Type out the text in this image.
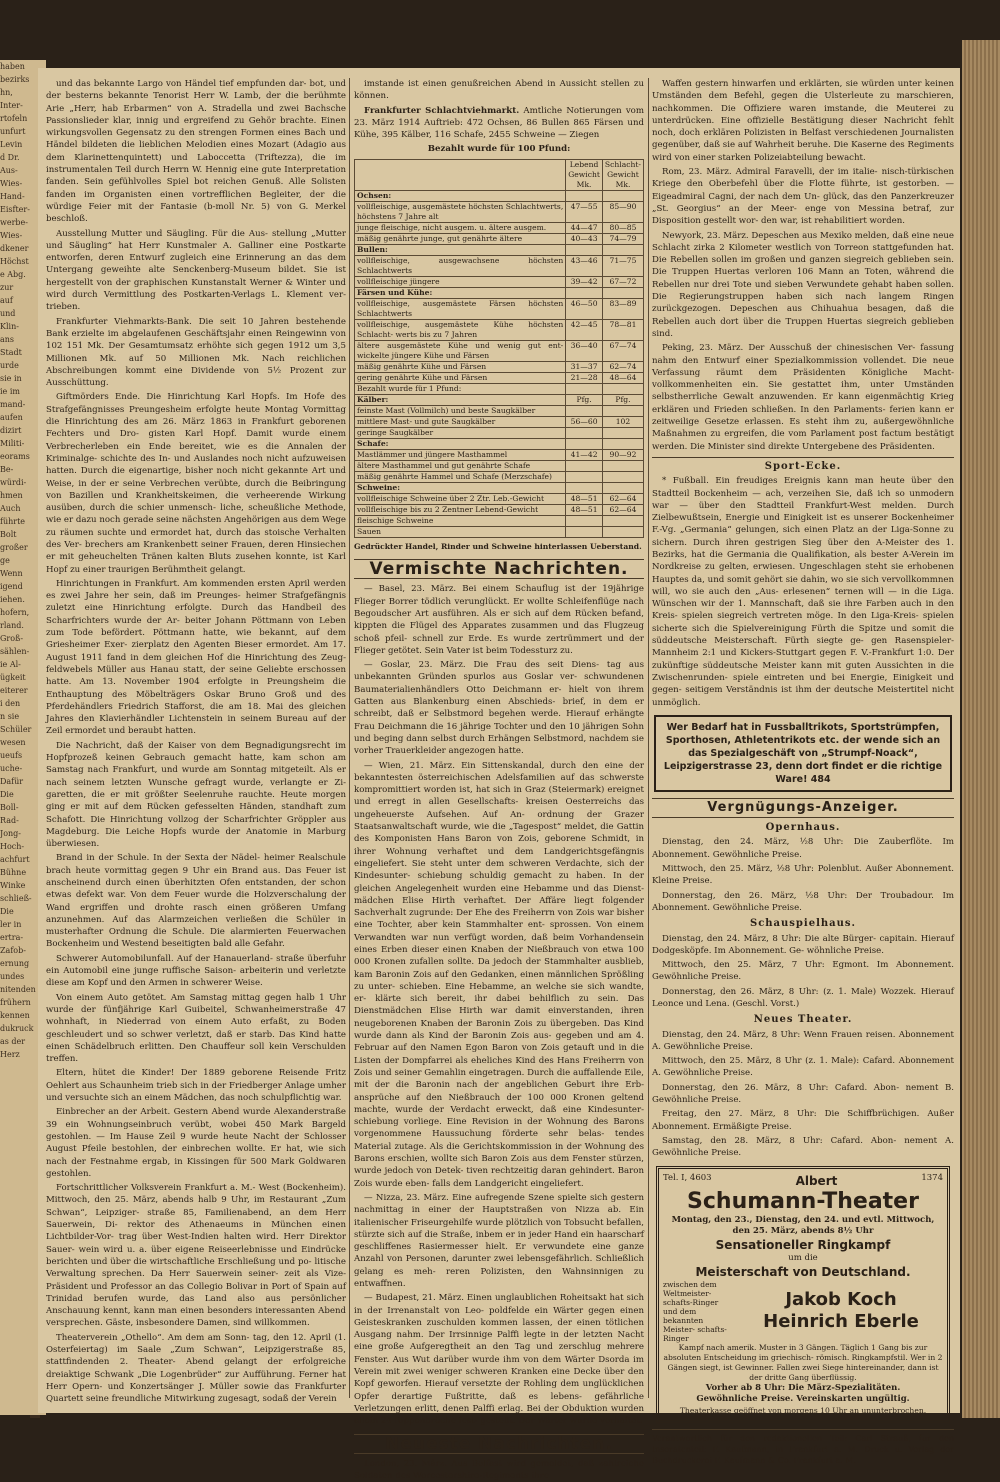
haben
bezirks
hn,
Inter-
rtofeln
unfurt
Levin
d Dr.
Aus-
Wies-
Hand-
Eisfter-
werbe-
Wies-
dkener
Höchst
e Abg.
zur
auf
und
Klin-
ans
Stadt
urde
sie in
ie im
mand-
aufen
dizirt
Militi-
eorams
Be-
würdi-
hmen
Auch
führte
Bolt
großer
ge
Wenn
igend
iehen.
hofern,
rland.
Groß-
sählen-
ie Al-
ügkeit
eiterer
i den
n sie
Schüler
wesen
ueufs
uche-
Dafür
Die
Boll-
Rad-
Jong-
Hoch-
achfurt
Bühne
Winke
schließ-
Die
ler in
ertra-
Zafob-
ernung
undes
nitenden
frühern
kennen
dukruck
as der
Herz

und das bekannte Largo von Händel tief empfunden dar- bot, und der besterns bekannte Tenorist Herr W. Lamb, der die berühmte Arie „Herr, hab Erbarmen“ von A. Stradella und zwei Bachsche Passionslieder klar, innig und ergreifend zu Gehör brachte. Einen wirkungsvollen Gegensatz zu den strengen Formen eines Bach und Händel bildeten die lieblichen Melodien eines Mozart (Adagio aus dem Klarinettenquintett) und Laboccetta (Triftezza), die im instrumentalen Teil durch Herrn W. Hennig eine gute Interpretation fanden. Sein gefühlvolles Spiel bot reichen Genuß. Alle Solisten fanden im Organisten einen vortrefflichen Begleiter, der die würdige Feier mit der Fantasie (b-moll Nr. 5) von G. Merkel beschloß.

Ausstellung Mutter und Säugling. Für die Aus- stellung „Mutter und Säugling“ hat Herr Kunstmaler A. Galliner eine Postkarte entworfen, deren Entwurf zugleich eine Erinnerung an das dem Untergang geweihte alte Senckenberg-Museum bildet. Sie ist hergestellt von der graphischen Kunstanstalt Werner & Winter und wird durch Vermittlung des Postkarten-Verlags L. Klement ver- trieben.

Frankfurter Viehmarkts-Bank. Die seit 10 Jahren bestehende Bank erzielte im abgelaufenen Geschäftsjahr einen Reingewinn von 102 151 Mk. Der Gesamtumsatz erhöhte sich gegen 1912 um 3,5 Millionen Mk. auf 50 Millionen Mk. Nach reichlichen Abschreibungen kommt eine Dividende von 5½ Prozent zur Ausschüttung.

Giftmörders Ende. Die Hinrichtung Karl Hopfs. Im Hofe des Strafgefängnisses Preungesheim erfolgte heute Montag Vormittag die Hinrichtung des am 26. März 1863 in Frankfurt geborenen Fechters und Dro- gisten Karl Hopf. Damit wurde einem Verbrecherleben ein Ende bereitet, wie es die Annalen der Kriminalge- schichte des In- und Auslandes noch nicht aufzuweisen hatten. Durch die eigenartige, bisher noch nicht gekannte Art und Weise, in der er seine Verbrechen verübte, durch die Beibringung von Bazillen und Krankheitskeimen, die verheerende Wirkung ausüben, durch die schier unmensch- liche, scheußliche Methode, wie er dazu noch gerade seine nächsten Angehörigen aus dem Wege zu räumen suchte und ermordet hat, durch das stoische Verhalten des Ver- brechers am Krankenbett seiner Frauen, deren Hinsiechen er mit geheuchelten Tränen kalten Bluts zusehen konnte, ist Karl Hopf zu einer traurigen Berühmtheit gelangt.

Hinrichtungen in Frankfurt. Am kommenden ersten April werden es zwei Jahre her sein, daß im Preunges- heimer Strafgefängnis zuletzt eine Hinrichtung erfolgte. Durch das Handbeil des Scharfrichters wurde der Ar- beiter Johann Pöttmann von Leben zum Tode befördert. Pöttmann hatte, wie bekannt, auf dem Griesheimer Exer- zierplatz den Agenten Bieser ermordet. Am 17. August 1911 fand in dem gleichen Hof die Hinrichtung des Zeug- feldwebels Müller aus Hanau statt, der seine Geliebte erschossen hatte. Am 13. November 1904 erfolgte in Preungsheim die Enthauptung des Möbelträgers Oskar Bruno Groß und des Pferdehändlers Friedrich Stafforst, die am 18. Mai des gleichen Jahres den Klavierhändler Lichtenstein in seinem Bureau auf der Zeil ermordet und beraubt hatten.

Die Nachricht, daß der Kaiser von dem Begnadigungsrecht im Hopfprozeß keinen Gebrauch gemacht hatte, kam schon am Samstag nach Frankfurt, und wurde am Sonntag mitgeteilt. Als er nach seinem letzten Wunsche gefragt wurde, verlangte er Zi- garetten, die er mit größter Seelenruhe rauchte. Heute morgen ging er mit auf dem Rücken gefesselten Händen, standhaft zum Schafott. Die Hinrichtung vollzog der Scharfrichter Gröppler aus Magdeburg. Die Leiche Hopfs wurde der Anatomie in Marburg überwiesen.

Brand in der Schule. In der Sexta der Nädel- heimer Realschule brach heute vormittag gegen 9 Uhr ein Brand aus. Das Feuer ist anscheinend durch einen überhitzten Ofen entstanden, der schon etwas defekt war. Von dem Feuer wurde die Holzverschalung der Wand ergriffen und drohte rasch einen größeren Umfang anzunehmen. Auf das Alarmzeichen verließen die Schüler in musterhafter Ordnung die Schule. Die alarmierten Feuerwachen Bockenheim und Westend beseitigten bald alle Gefahr.

Schwerer Automobilunfall. Auf der Hanauerland- straße überfuhr ein Automobil eine junge ruffische Saison- arbeiterin und verletzte diese am Kopf und den Armen in schwerer Weise.

Von einem Auto getötet. Am Samstag mittag gegen halb 1 Uhr wurde der fünfjährige Karl Guibeitel, Schwanheimerstraße 47 wohnhaft, in Niederrad von einem Auto erfaßt, zu Boden geschleudert und so schwer verletzt, daß er starb. Das Kind hatte einen Schädelbruch erlitten. Den Chauffeur soll kein Verschulden treffen.

Eltern, hütet die Kinder! Der 1889 geborene Reisende Fritz Oehlert aus Schaunheim trieb sich in der Friedberger Anlage umher und versuchte sich an einem Mädchen, das noch schulpflichtig war.

Einbrecher an der Arbeit. Gestern Abend wurde Alexanderstraße 39 ein Wohnungseinbruch verübt, wobei 450 Mark Bargeld gestohlen. — Im Hause Zeil 9 wurde heute Nacht der Schlosser August Pfeile bestohlen, der einbrechen wollte. Er hat, wie sich nach der Festnahme ergab, in Kissingen für 500 Mark Goldwaren gestohlen.

Fortschrittlicher Volksverein Frankfurt a. M.- West (Bockenheim). Mittwoch, den 25. März, abends halb 9 Uhr, im Restaurant „Zum Schwan“, Leipziger- straße 85, Familienabend, an dem Herr Sauerwein, Di- rektor des Athenaeums in München einen Lichtbilder-Vor- trag über West-Indien halten wird. Herr Direktor Sauer- wein wird u. a. über eigene Reiseerlebnisse und Eindrücke berichten und über die wirtschaftliche Erschließung und po- litische Verwaltung sprechen. Da Herr Sauerwein seiner- zeit als Vize-Präsident und Professor an das Collegio Bolivar in Port of Spain auf Trinidad berufen wurde, das Land also aus persönlicher Anschauung kennt, kann man einen besonders interessanten Abend versprechen. Gäste, insbesondere Damen, sind willkommen.

Theaterverein „Othello“. Am dem am Sonn- tag, den 12. April (1. Osterfeiertag) im Saale „Zum Schwan“, Leipzigerstraße 85, stattfindenden 2. Theater- Abend gelangt der erfolgreiche dreiaktige Schwank „Die Logenbrüder“ zur Aufführung. Ferner hat Herr Opern- und Konzertsänger J. Müller sowie das Frankfurter Quartett seine freundliche Mitwirkung zugesagt, sodaß der Verein

imstande ist einen genußreichen Abend in Aussicht stellen zu können.

Frankfurter Schlachtviehmarkt. Amtliche Notierungen vom 23. März 1914 Auftrieb: 472 Ochsen, 86 Bullen 865 Färsen und Kühe, 395 Kälber, 116 Schafe, 2455 Schweine — Ziegen

Bezahlt wurde für 100 Pfund:
	Lebend Gewicht Mk.	Schlacht- Gewicht Mk.
Ochsen:		
vollfleischige, ausgemästete höchsten Schlachtwerts, höchstens 7 Jahre alt	47—55	85—90
junge fleischige, nicht ausgem. u. ältere ausgem.	44—47	80—85
mäßig genährte junge, gut genährte ältere	40—43	74—79
Bullen:		
vollfleischige, ausgewachsene höchsten Schlachtwerts	43—46	71—75
vollfleischige jüngere	39—42	67—72
Färsen und Kühe:		
vollfleischige, ausgemästete Färsen höchsten Schlachtwerts	46—50	83—89
vollfleischige, ausgemästete Kühe höchsten Schlacht- werts bis zu 7 Jahren	42—45	78—81
ältere ausgemästete Kühe und wenig gut ent- wickelte jüngere Kühe und Färsen	36—40	67—74
mäßig genährte Kühe und Färsen	31—37	62—74
gering genährte Kühe und Färsen	21—28	48—64
Bezahlt wurde für 1 Pfund:		
Kälber:	Pfg.	Pfg.
feinste Mast (Vollmilch) und beste Saugkälber		
mittlere Mast- und gute Saugkälber	56—60	102
geringe Saugkälber		
Schafe:		
Mastlämmer und jüngere Masthammel	41—42	90—92
ältere Masthammel und gut genährte Schafe		
mäßig genährte Hammel und Schafe (Merzschafe)		
Schweine:		
vollfleischige Schweine über 2 Ztr. Leb.-Gewicht	48—51	62—64
vollfleischige bis zu 2 Zentner Lebend-Gewicht	48—51	62—64
fleischige Schweine		
Sauen		
Gedrückter Handel, Rinder und Schweine hinterlassen Ueberstand.
Vermischte Nachrichten.

— Basel, 23. März. Bei einem Schauflug ist der 19jährige Flieger Borrer tödlich verunglückt. Er wollte Schleifenflüge nach Begoudscher Art ausführen. Als er sich auf dem Rücken befand, kippten die Flügel des Apparates zusammen und das Flugzeug schoß pfeil- schnell zur Erde. Es wurde zertrümmert und der Flieger getötet. Sein Vater ist beim Todessturz zu.

— Goslar, 23. März. Die Frau des seit Diens- tag aus unbekannten Gründen spurlos aus Goslar ver- schwundenen Baumaterialienhändlers Otto Deichmann er- hielt von ihrem Gatten aus Blankenburg einen Abschieds- brief, in dem er schreibt, daß er Selbstmord begehen werde. Hierauf erhängte Frau Deichmann die 16 jährige Tochter und den 10 jährigen Sohn und beging dann selbst durch Erhängen Selbstmord, nachdem sie vorher Trauerkleider angezogen hatte.

— Wien, 21. März. Ein Sittenskandal, durch den eine der bekanntesten österreichischen Adelsfamilien auf das schwerste kompromittiert worden ist, hat sich in Graz (Steiermark) ereignet und erregt in allen Gesellschafts- kreisen Oesterreichs das ungeheuerste Aufsehen. Auf An- ordnung der Grazer Staatsanwaltschaft wurde, wie die „Tagespost“ meldet, die Gattin des Komponisten Hans Baron von Zois, geborene Schmidt, in ihrer Wohnung verhaftet und dem Landgerichtsgefängnis eingeliefert. Sie steht unter dem schweren Verdachte, sich der Kindesunter- schiebung schuldig gemacht zu haben. In der gleichen Angelegenheit wurden eine Hebamme und das Dienst- mädchen Elise Hirth verhaftet. Der Affäre liegt folgender Sachverhalt zugrunde: Der Ehe des Freiherrn von Zois war bisher eine Tochter, aber kein Stammhalter ent- sprossen. Von einem Verwandten war nun verfügt worden, daß beim Vorhandensein eines Erben dieser einen Knaben der Nießbrauch von etwa 100 000 Kronen zufallen sollte. Da jedoch der Stammhalter ausblieb, kam Baronin Zois auf den Gedanken, einen männlichen Sprößling zu unter- schieben. Eine Hebamme, an welche sie sich wandte, er- klärte sich bereit, ihr dabei behilflich zu sein. Das Dienstmädchen Elise Hirth war damit einverstanden, ihren neugeborenen Knaben der Baronin Zois zu übergeben. Das Kind wurde dann als Kind der Baronin Zois aus- gegeben und am 4. Februar auf den Namen Egon Baron von Zois getauft und in die Listen der Dompfarrei als eheliches Kind des Hans Freiherrn von Zois und seiner Gemahlin eingetragen. Durch die auffallende Eile, mit der die Baronin nach der angeblichen Geburt ihre Erb- ansprüche auf den Nießbrauch der 100 000 Kronen geltend machte, wurde der Verdacht erweckt, daß eine Kindesunter- schiebung vorliege. Eine Revision in der Wohnung des Barons vorgenommene Haussuchung förderte sehr belas- tendes Material zutage. Als die Gerichtskommission in der Wohnung des Barons erschien, wollte sich Baron Zois aus dem Fenster stürzen, wurde jedoch von Detek- tiven rechtzeitig daran gehindert. Baron Zois wurde eben- falls dem Landgericht eingeliefert.

— Nizza, 23. März. Eine aufregende Szene spielte sich gestern nachmittag in einer der Hauptstraßen von Nizza ab. Ein italienischer Friseurgehilfe wurde plötzlich von Tobsucht befallen, stürzte sich auf die Straße, inbem er in jeder Hand ein haarscharf geschliffenes Rasiermesser hielt. Er verwundete eine ganze Anzahl von Personen, darunter zwei lebensgefährlich. Schließlich gelang es meh- reren Polizisten, den Wahnsinnigen zu entwaffnen.

— Budapest, 21. März. Einen unglaublichen Roheitsakt hat sich in der Irrenanstalt von Leo- poldfelde ein Wärter gegen einen Geisteskranken zuschulden kommen lassen, der einen tötlichen Ausgang nahm. Der Irrsinnige Palffi legte in der letzten Nacht eine große Aufgeregtheit an den Tag und zerschlug mehrere Fenster. Aus Wut darüber wurde ihm von dem Wärter Dsorda im Verein mit zwei weniger schweren Kranken eine Decke über den Kopf geworfen. Hierauf versetzte der Rohling dem unglücklichen Opfer derartige Fußtritte, daß es lebens- gefährliche Verletzungen erlitt, denen Palffi erlag. Bei der Obduktion wurden allein 24 Rippenbrüche fest- gestellt. Der Wärter wurde verhaftet.

Neueste Nachrichten.

London, 23. März. Aus Belfast wird gemeldet, daß zahlreiche Soldaten des Worcestershire-Regiments ihre

Waffen gestern hinwarfen und erklärten, sie würden unter keinen Umständen dem Befehl, gegen die Ulsterleute zu marschieren, nachkommen. Die Offiziere waren imstande, die Meuterei zu unterdrücken. Eine offizielle Bestätigung dieser Nachricht fehlt noch, doch erklären Polizisten in Belfast verschiedenen Journalisten gegenüber, daß sie auf Wahrheit beruhe. Die Kaserne des Regiments wird von einer starken Polizeiabteilung bewacht.

Rom, 23. März. Admiral Faravelli, der im italie- nisch-türkischen Kriege den Oberbefehl über die Flotte führte, ist gestorben. — Eigeadmiral Cagni, der nach dem Un- glück, das den Panzerkreuzer „St. Georgius“ an der Meer- enge von Messina betraf, zur Disposition gestellt wor- den war, ist rehabilitiert worden.

Newyork, 23. März. Depeschen aus Mexiko melden, daß eine neue Schlacht zirka 2 Kilometer westlich von Torreon stattgefunden hat. Die Rebellen sollen im großen und ganzen siegreich geblieben sein. Die Truppen Huertas verloren 106 Mann an Toten, während die Rebellen nur drei Tote und sieben Verwundete gehabt haben sollen. Die Regierungstruppen haben sich nach langem Ringen zurückgezogen. Depeschen aus Chihuahua besagen, daß die Rebellen auch dort über die Truppen Huertas siegreich geblieben sind.

Peking, 23. März. Der Ausschuß der chinesischen Ver- fassung nahm den Entwurf einer Spezialkommission vollendet. Die neue Verfassung räumt dem Präsidenten Königliche Macht- vollkommenheiten ein. Sie gestattet ihm, unter Umständen selbstherrliche Gewalt anzuwenden. Er kann eigenmächtig Krieg erklären und Frieden schließen. In den Parlaments- ferien kann er zeitweilige Gesetze erlassen. Es steht ihm zu, außergewöhnliche Maßnahmen zu ergreifen, die vom Parlament post factum bestätigt werden. Die Minister sind direkte Untergebene des Präsidenten.

Sport-Ecke.

* Fußball. Ein freudiges Ereignis kann man heute über den Stadtteil Bockenheim — ach, verzeihen Sie, daß ich so unmodern war — über den Stadtteil Frankfurt-West melden. Durch Zielbewußtsein, Energie und Einigkeit ist es unserer Bockenheimer F.-Vg. „Germania“ gelungen, sich einen Platz an der Liga-Sonne zu sichern. Durch ihren gestrigen Sieg über den A-Meister des 1. Bezirks, hat die Germania die Qualifikation, als bester A-Verein im Nordkreise zu gelten, erwiesen. Ungeschlagen steht sie erhobenen Hauptes da, und somit gehört sie dahin, wo sie sich vervollkommnen will, wo sie auch den „Aus- erlesenen“ ternen will — in die Liga. Wünschen wir der 1. Mannschaft, daß sie ihre Farben auch in den Kreis- spielen siegreich vertreten möge. In den Liga-Kreis- spielen sicherte sich die Spielvereinigung Fürth die Spitze und somit die süddeutsche Meisterschaft. Fürth siegte ge- gen Rasenspieler-Mannheim 2:1 und Kickers-Stuttgart gegen F. V.-Frankfurt 1:0. Der zukünftige süddeutsche Meister kann mit guten Aussichten in die Zwischenrunden- spiele eintreten und bei Energie, Einigkeit und gegen- seitigem Verständnis ist ihm der deutsche Meistertitel nicht unmöglich.

Wer Bedarf hat in Fussballtrikots, Sportstrümpfen, Sporthosen, Athletentrikots etc. der wende sich an das Spezialgeschäft von „Strumpf-Noack“, Leipzigerstrasse 23, denn dort findet er die richtige Ware! 484
Vergnügungs-Anzeiger.
Opernhaus.

Dienstag, den 24. März, ½8 Uhr: Die Zauberflöte. Im Abonnement. Gewöhnliche Preise.

Mittwoch, den 25. März, ½8 Uhr: Polenblut. Außer Abonnement. Kleine Preise.

Donnerstag, den 26. März, ½8 Uhr: Der Troubadour. Im Abonnement. Gewöhnliche Preise.

Schauspielhaus.

Dienstag, den 24. März, 8 Uhr: Die alte Bürger- capitain. Hierauf Dodgesköpfe. Im Abonnement. Ge- wöhnliche Preise.

Mittwoch, den 25. März, 7 Uhr: Egmont. Im Abonnement. Gewöhnliche Preise.

Donnerstag, den 26. März, 8 Uhr: (z. 1. Male) Wozzek. Hierauf Leonce und Lena. (Geschl. Vorst.)

Neues Theater.

Dienstag, den 24. März, 8 Uhr: Wenn Frauen reisen. Abonnement A. Gewöhnliche Preise.

Mittwoch, den 25. März, 8 Uhr (z. 1. Male): Cafard. Abonnement A. Gewöhnliche Preise.

Donnerstag, den 26. März, 8 Uhr: Cafard. Abon- nement B. Gewöhnliche Preise.

Freitag, den 27. März, 8 Uhr: Die Schiffbrüchigen. Außer Abonnement. Ermäßigte Preise.

Samstag, den 28. März, 8 Uhr: Cafard. Abon- nement A. Gewöhnliche Preise.

Tel. I, 4603	Albert	1374
Schumann-Theater
Montag, den 23., Dienstag, den 24. und evtl. Mittwoch, den 25. März, abends 8½ Uhr
Sensationeller Ringkampf
um die
Meisterschaft von Deutschland.
zwischen dem Weltmeister- schafts-Ringer und dem bekannten Meister- schafts-Ringer
Jakob Koch
Heinrich Eberle
Kampf nach amerik. Muster in 3 Gängen. Täglich 1 Gang bis zur absoluten Entscheidung im griechisch- römisch. Ringkampfstil. Wer in 2 Gängen siegt, ist Gewinner. Fallen zwei Siege hintereinander, dann ist der dritte Gang überflüssig.
Vorher ab 8 Uhr: Die März-Spezialitäten.
Gewöhnliche Preise. Vereinskarten ungültig.
Theaterkasse geöffnet von morgens 10 Uhr an ununterbrochen.
Verantwortlich für den redaktionellen Teil: Carl Strauß, für den Inseratenteil: F. Kaufmann, in Frankfurt a. M. Druck u. Verlag der Buchdruckerei F. Kaufmann & Co. Frankfurt a. M.
